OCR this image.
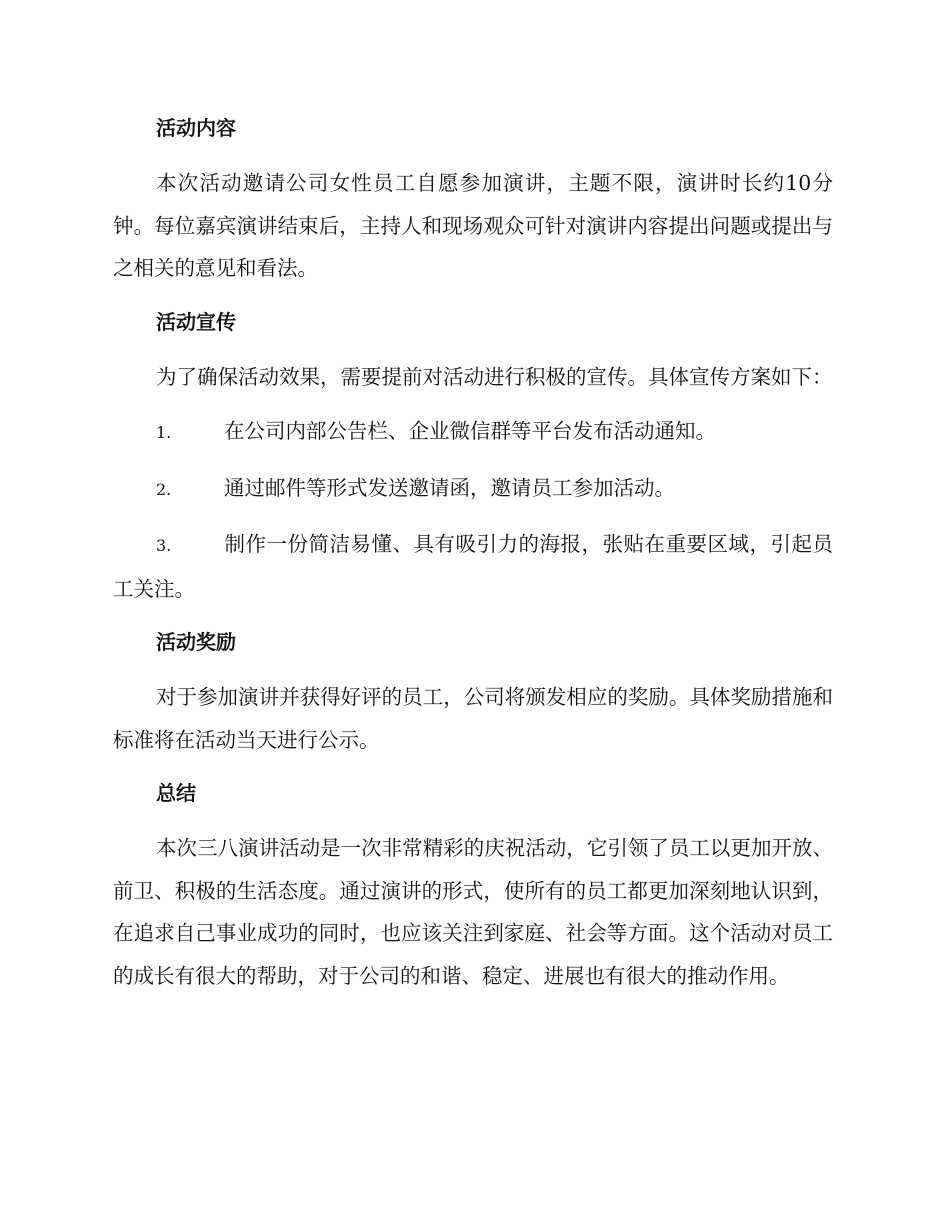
活动内容

本次活动邀请公司女性员工自愿参加演讲，主题不限，演讲时长约10分钟。每位嘉宾演讲结束后，主持人和现场观众可针对演讲内容提出问题或提出与之相关的意见和看法。

活动宣传

为了确保活动效果，需要提前对活动进行积极的宣传。具体宣传方案如下：

1.	在公司内部公告栏、企业微信群等平台发布活动通知。
2.	通过邮件等形式发送邀请函，邀请员工参加活动。
3.	制作一份简洁易懂、具有吸引力的海报，张贴在重要区域，引起员工关注。
活动奖励

对于参加演讲并获得好评的员工，公司将颁发相应的奖励。具体奖励措施和标准将在活动当天进行公示。

总结

本次三八演讲活动是一次非常精彩的庆祝活动，它引领了员工以更加开放、前卫、积极的生活态度。通过演讲的形式，使所有的员工都更加深刻地认识到，在追求自己事业成功的同时，也应该关注到家庭、社会等方面。这个活动对员工的成长有很大的帮助，对于公司的和谐、稳定、进展也有很大的推动作用。
